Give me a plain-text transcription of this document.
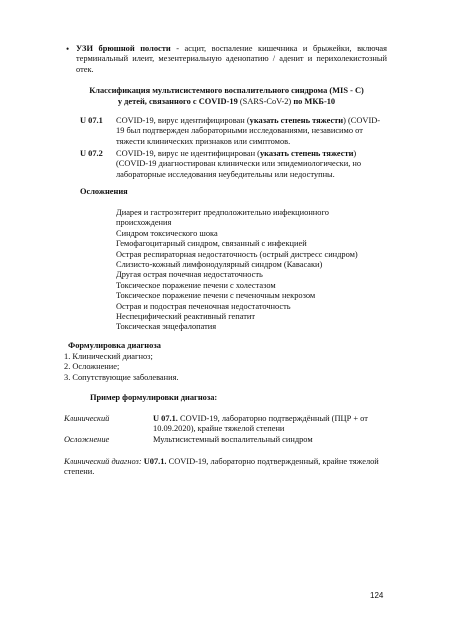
• УЗИ брюшной полости - асцит, воспаление кишечника и брыжейки, включая терминальный илеит, мезентериальную аденопатию / аденит и перихолекистозный отек.
Классификация мультисистемного воспалительного синдрома (MIS - C)
у детей, связанного с COVID-19 (SARS-CoV-2) по МКБ-10
U 07.1 COVID-19, вирус идентифицирован (указать степень тяжести) (COVID-19 был подтвержден лабораторными исследованиями, независимо от тяжести клинических признаков или симптомов.
U 07.2 COVID-19, вирус не идентифицирован (указать степень тяжести) (COVID-19 диагностирован клинически или эпидемиологически, но лабораторные исследования неубедительны или недоступны.
Осложнения
Диарея и гастроэнтерит предположительно инфекционного
происхождения
Синдром токсического шока
Гемофагоцитарный синдром, связанный с инфекцией
Острая респираторная недостаточность (острый дистресс синдром)
Слизисто-кожный лимфонодулярный синдром (Кавасаки)
Другая острая почечная недостаточность
Токсическое поражение печени с холестазом
Токсическое поражение печени с печеночным некрозом
Острая и подострая печеночная недостаточность
Неспецифический реактивный гепатит
Токсическая энцефалопатия
Формулировка диагноза
1. Клинический диагноз;
2. Осложнение;
3. Сопутствующие заболевания.
Пример формулировки диагноза:
Клинический	U 07.1. COVID-19, лабораторно подтверждённый (ПЦР + от
10.09.2020), крайне тяжелой степени
Осложнение	Мультисистемный воспалительный синдром
Клинический диагноз: U07.1. COVID-19, лабораторно подтвержденный, крайне тяжелой степени.
124
